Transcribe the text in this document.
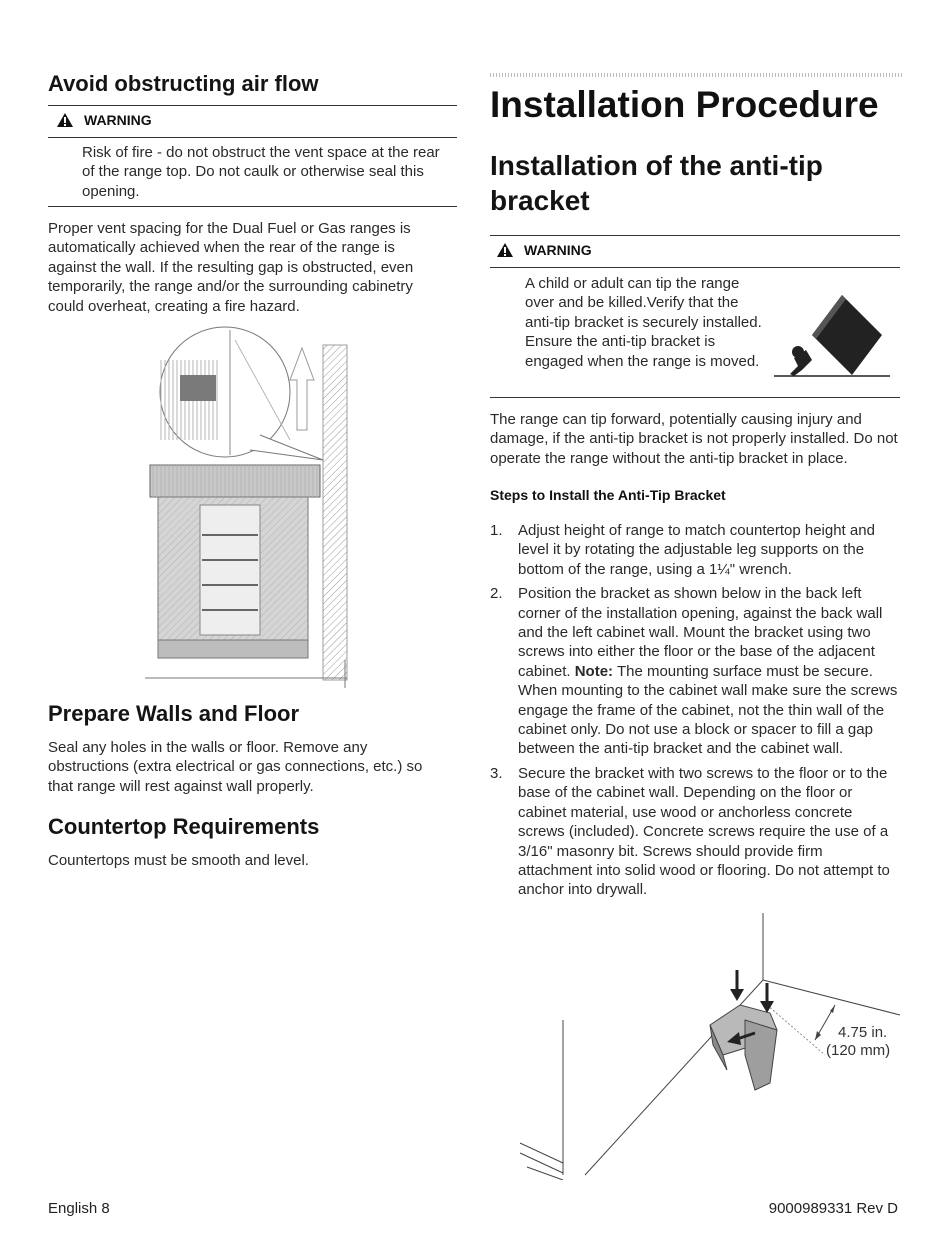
Avoid obstructing air flow
WARNING
Risk of fire - do not obstruct the vent space at the rear of the range top. Do not caulk or otherwise seal this opening.
Proper vent spacing for the Dual Fuel or Gas ranges is automatically achieved when the rear of the range is against the wall. If the resulting gap is obstructed, even temporarily, the range and/or the surrounding cabinetry could overheat, creating a fire hazard.
Prepare Walls and Floor
Seal any holes in the walls or floor. Remove any obstructions (extra electrical or gas connections, etc.) so that range will rest against wall properly.
Countertop Requirements
Countertops must be smooth and level.
Installation Procedure
Installation of the anti-tip bracket
WARNING
A child or adult can tip the range over and be killed.Verify that the anti-tip bracket is securely installed. Ensure the anti-tip bracket is engaged when the range is moved.
The range can tip forward, potentially causing injury and damage, if the anti-tip bracket is not properly installed. Do not operate the range without the anti-tip bracket in place.
Steps to Install the Anti-Tip Bracket
1. Adjust height of range to match countertop height and level it by rotating the adjustable leg supports on the bottom of the range, using a 1¼" wrench.
2. Position the bracket as shown below in the back left corner of the installation opening, against the back wall and the left cabinet wall. Mount the bracket using two screws into either the floor or the base of the adjacent cabinet. Note: The mounting surface must be secure. When mounting to the cabinet wall make sure the screws engage the frame of the cabinet, not the thin wall of the cabinet only. Do not use a block or spacer to fill a gap between the anti-tip bracket and the cabinet wall.
3. Secure the bracket with two screws to the floor or to the base of the cabinet wall. Depending on the floor or cabinet material, use wood or anchorless concrete screws (included). Concrete screws require the use of a 3/16" masonry bit. Screws should provide firm attachment into solid wood or flooring. Do not attempt to anchor into drywall.
4.75 in.
(120 mm)
English 8	9000989331 Rev D
